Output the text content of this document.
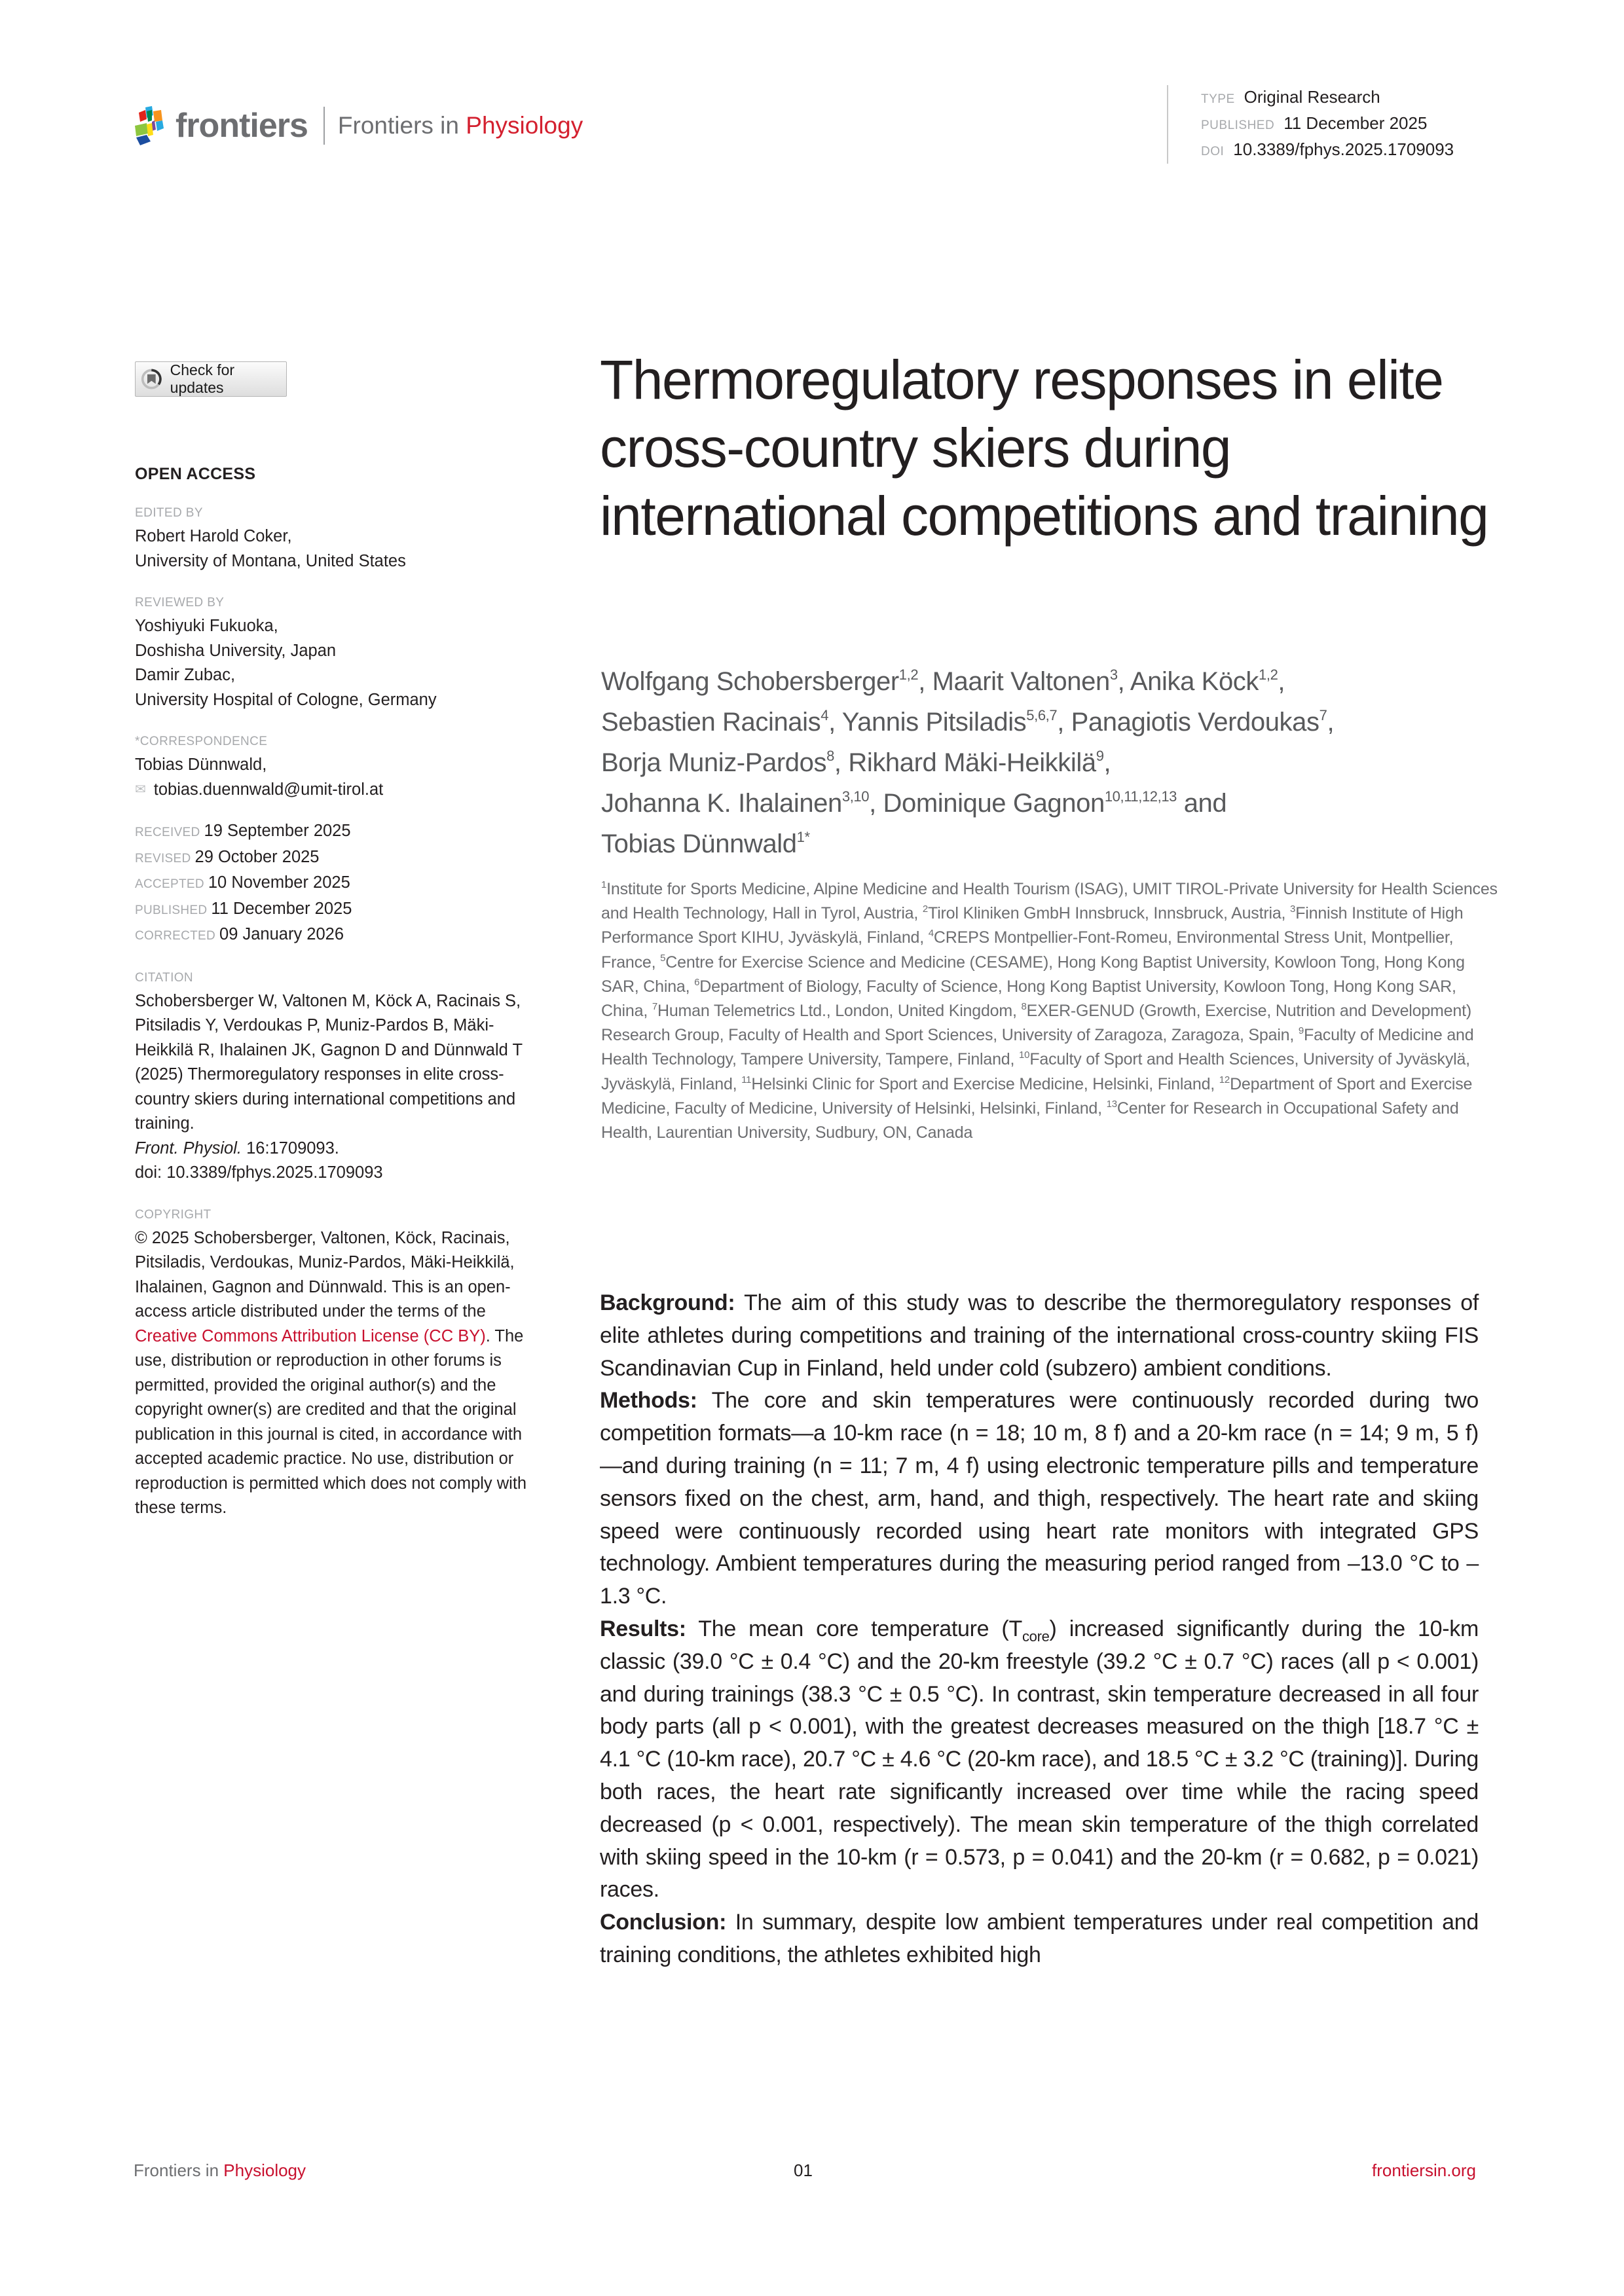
frontiers Frontiers in Physiology
TYPE Original Research
PUBLISHED 11 December 2025
DOI 10.3389/fphys.2025.1709093
Check for updates
OPEN ACCESS
EDITED BY
Robert Harold Coker,
University of Montana, United States
REVIEWED BY
Yoshiyuki Fukuoka,
Doshisha University, Japan
Damir Zubac,
University Hospital of Cologne, Germany
*CORRESPONDENCE
Tobias Dünnwald,
✉ tobias.duennwald@umit-tirol.at
RECEIVED 19 September 2025
REVISED 29 October 2025
ACCEPTED 10 November 2025
PUBLISHED 11 December 2025
CORRECTED 09 January 2026
CITATION
Schobersberger W, Valtonen M, Köck A, Racinais S, Pitsiladis Y, Verdoukas P, Muniz-Pardos B, Mäki-Heikkilä R, Ihalainen JK, Gagnon D and Dünnwald T (2025) Thermoregulatory responses in elite cross-country skiers during international competitions and training.
Front. Physiol. 16:1709093.
doi: 10.3389/fphys.2025.1709093
COPYRIGHT
© 2025 Schobersberger, Valtonen, Köck, Racinais, Pitsiladis, Verdoukas, Muniz-Pardos, Mäki-Heikkilä, Ihalainen, Gagnon and Dünnwald. This is an open-access article distributed under the terms of the Creative Commons Attribution License (CC BY). The use, distribution or reproduction in other forums is permitted, provided the original author(s) and the copyright owner(s) are credited and that the original publication in this journal is cited, in accordance with accepted academic practice. No use, distribution or reproduction is permitted which does not comply with these terms.
Thermoregulatory responses in elite cross-country skiers during international competitions and training
Wolfgang Schobersberger$^{1,2}$, Maarit Valtonen$^3$, Anika Köck$^{1,2}$,
Sebastien Racinais$^4$, Yannis Pitsiladis$^{5,6,7}$, Panagiotis Verdoukas$^7$,
Borja Muniz-Pardos$^8$, Rikhard Mäki-Heikkilä$^9$,
Johanna K. Ihalainen$^{3,10}$, Dominique Gagnon$^{10,11,12,13}$ and
Tobias Dünnwald$^{1*}$
$^1$Institute for Sports Medicine, Alpine Medicine and Health Tourism (ISAG), UMIT TIROL-Private University for Health Sciences and Health Technology, Hall in Tyrol, Austria, $^2$Tirol Kliniken GmbH Innsbruck, Innsbruck, Austria, $^3$Finnish Institute of High Performance Sport KIHU, Jyväskylä, Finland, $^4$CREPS Montpellier-Font-Romeu, Environmental Stress Unit, Montpellier, France, $^5$Centre for Exercise Science and Medicine (CESAME), Hong Kong Baptist University, Kowloon Tong, Hong Kong SAR, China, $^6$Department of Biology, Faculty of Science, Hong Kong Baptist University, Kowloon Tong, Hong Kong SAR, China, $^7$Human Telemetrics Ltd., London, United Kingdom, $^8$EXER-GENUD (Growth, Exercise, Nutrition and Development) Research Group, Faculty of Health and Sport Sciences, University of Zaragoza, Zaragoza, Spain, $^9$Faculty of Medicine and Health Technology, Tampere University, Tampere, Finland, $^{10}$Faculty of Sport and Health Sciences, University of Jyväskylä, Jyväskylä, Finland, $^{11}$Helsinki Clinic for Sport and Exercise Medicine, Helsinki, Finland, $^{12}$Department of Sport and Exercise Medicine, Faculty of Medicine, University of Helsinki, Helsinki, Finland, $^{13}$Center for Research in Occupational Safety and Health, Laurentian University, Sudbury, ON, Canada

Background: The aim of this study was to describe the thermoregulatory responses of elite athletes during competitions and training of the international cross-country skiing FIS Scandinavian Cup in Finland, held under cold (subzero) ambient conditions.

Methods: The core and skin temperatures were continuously recorded during two competition formats—a 10-km race (n = 18; 10 m, 8 f) and a 20-km race (n = 14; 9 m, 5 f)—and during training (n = 11; 7 m, 4 f) using electronic temperature pills and temperature sensors fixed on the chest, arm, hand, and thigh, respectively. The heart rate and skiing speed were continuously recorded using heart rate monitors with integrated GPS technology. Ambient temperatures during the measuring period ranged from –13.0 °C to –1.3 °C.

Results: The mean core temperature $(T_{core})$ increased significantly during the 10-km classic (39.0 °C ± 0.4 °C) and the 20-km freestyle (39.2 °C ± 0.7 °C) races (all p < 0.001) and during trainings (38.3 °C ± 0.5 °C). In contrast, skin temperature decreased in all four body parts (all p < 0.001), with the greatest decreases measured on the thigh [18.7 °C ± 4.1 °C (10-km race), 20.7 °C ± 4.6 °C (20-km race), and 18.5 °C ± 3.2 °C (training)]. During both races, the heart rate significantly increased over time while the racing speed decreased (p < 0.001, respectively). The mean skin temperature of the thigh correlated with skiing speed in the 10-km (r = 0.573, p = 0.041) and the 20-km (r = 0.682, p = 0.021) races.

Conclusion: In summary, despite low ambient temperatures under real competition and training conditions, the athletes exhibited high

Frontiers in Physiology	01	frontiersin.org
